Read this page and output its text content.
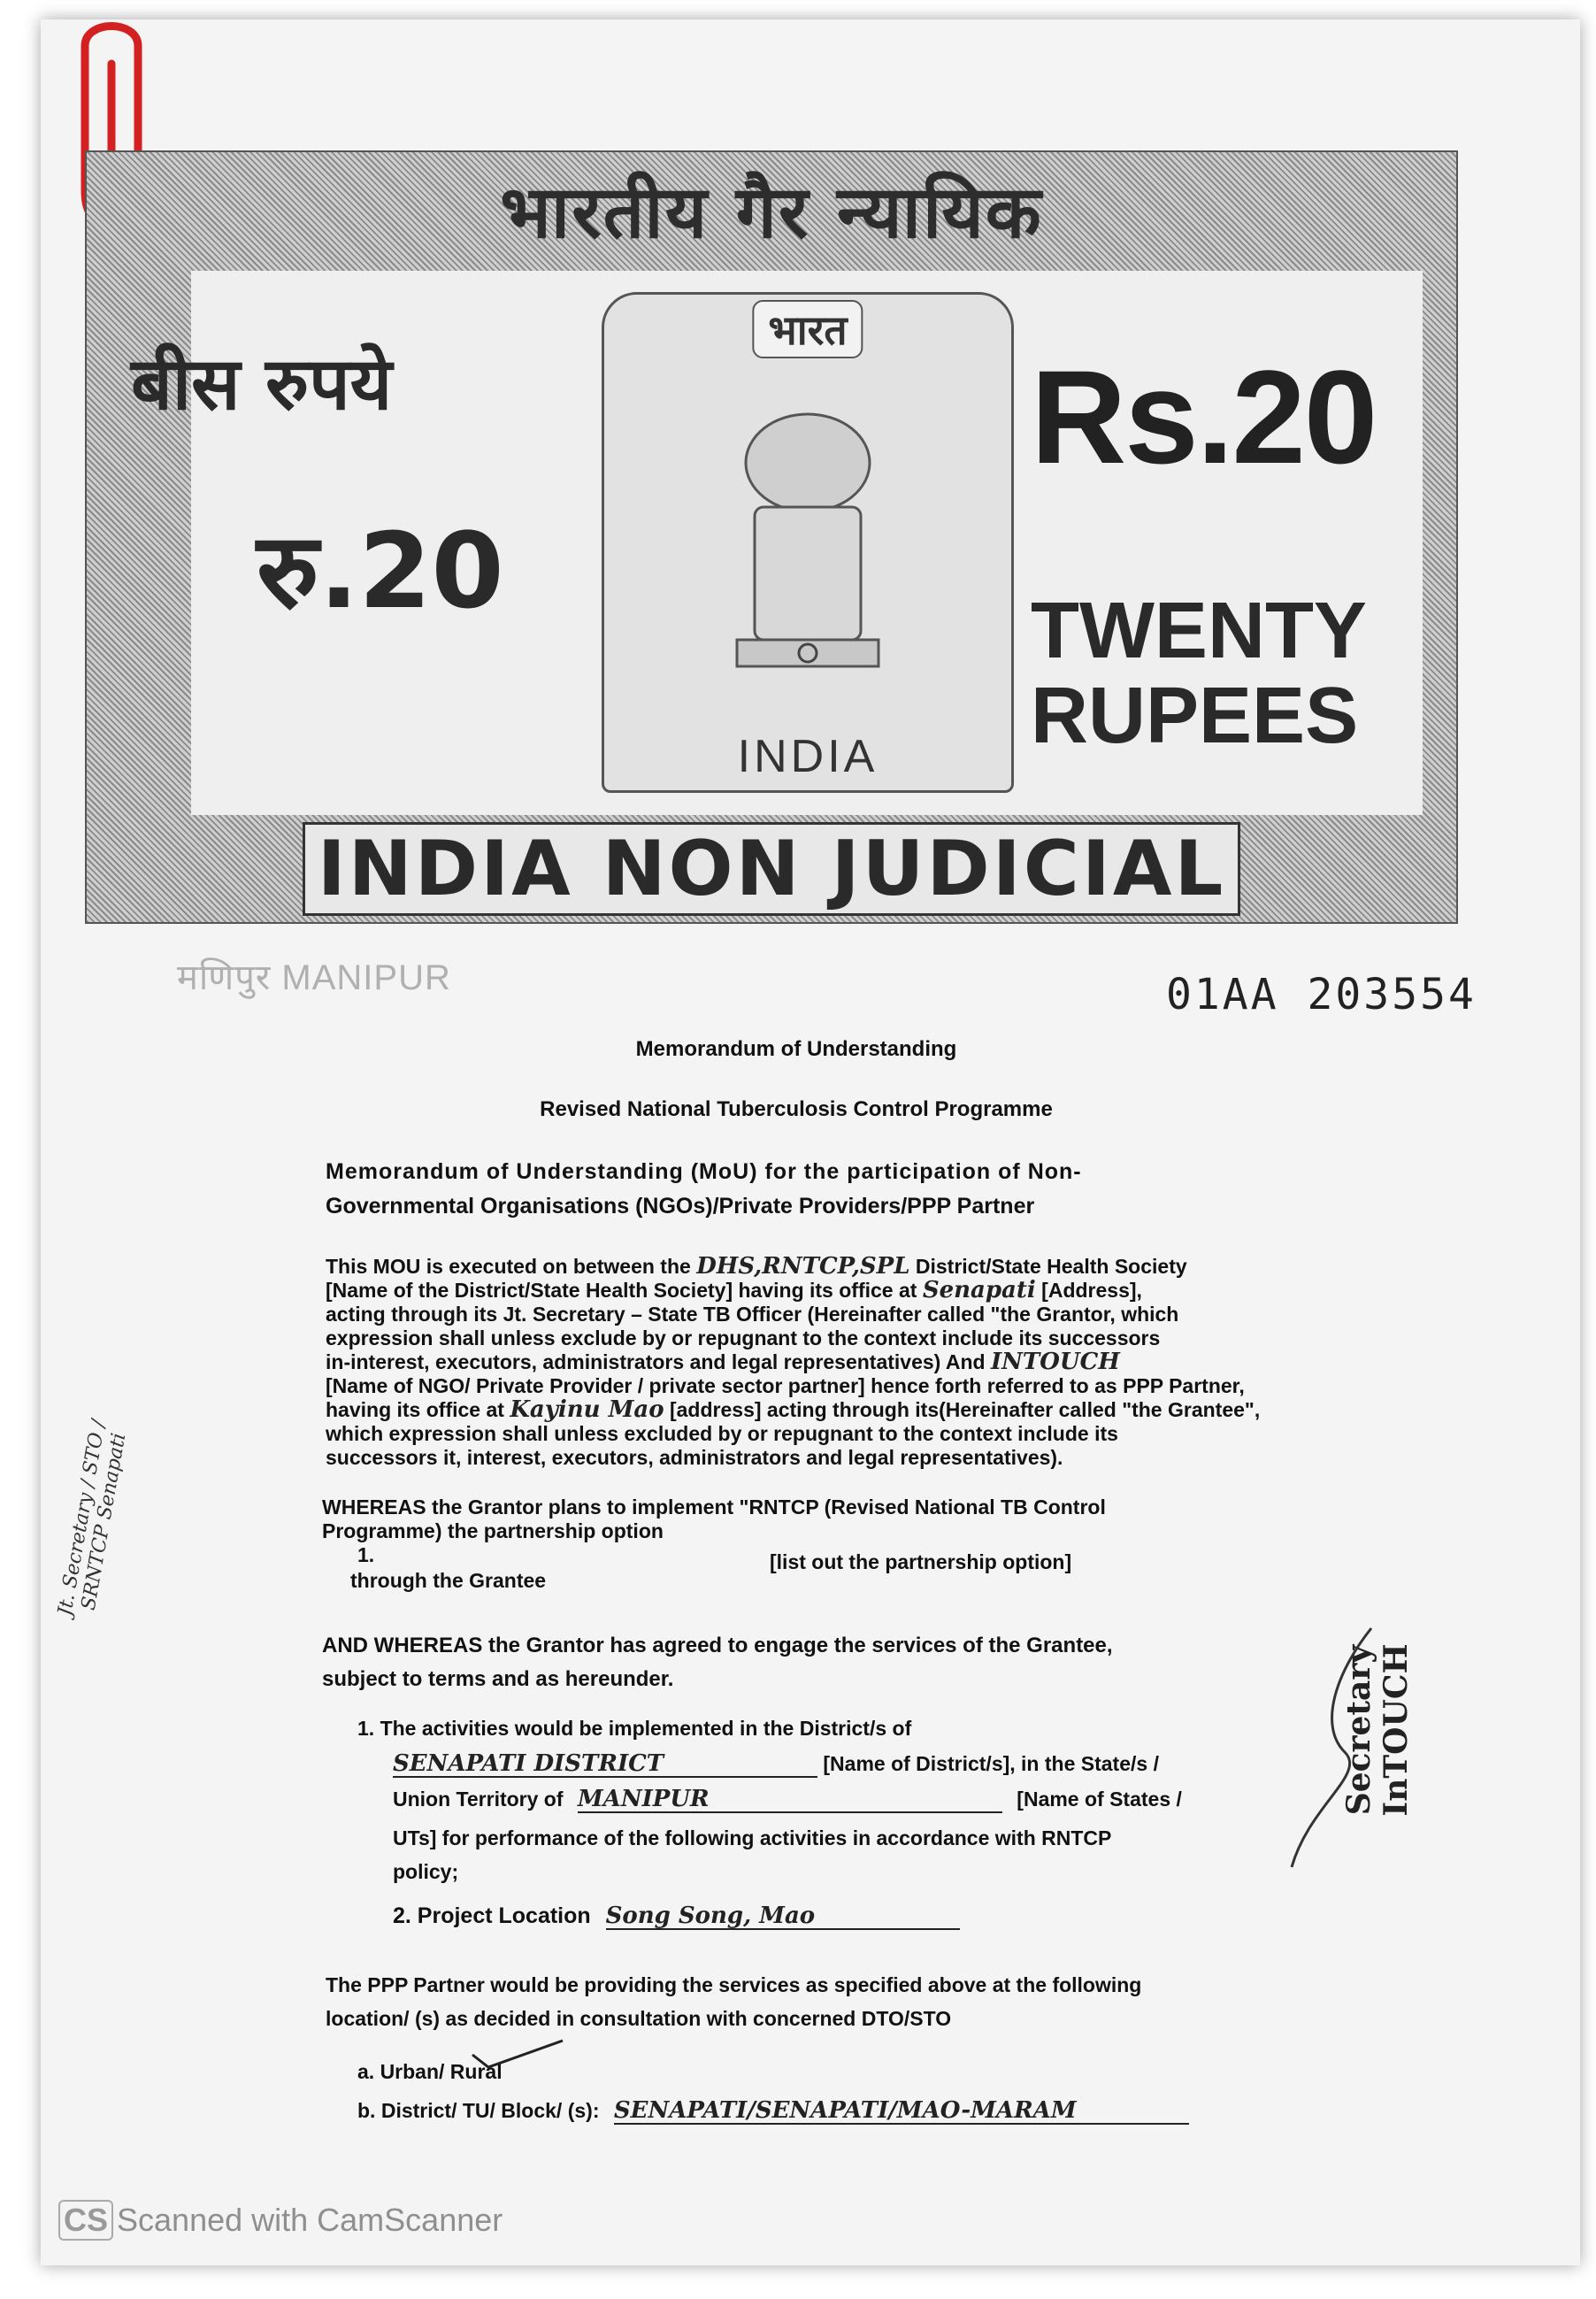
भारतीय गैर न्यायिक
INDIA NON JUDICIAL
बीस रुपये
रु.20
Rs.20
TWENTY
RUPEES
भारत
INDIA
मणिपुर MANIPUR	01AA 203554
Memorandum of Understanding
Revised National Tuberculosis Control Programme
Memorandum of Understanding (MoU) for the participation of Non-
Governmental Organisations (NGOs)/Private Providers/PPP Partner
This MOU is executed on between the DHS,RNTCP,SPL District/State Health Society
[Name of the District/State Health Society] having its office at Senapati [Address],
acting through its Jt. Secretary – State TB Officer (Hereinafter called "the Grantor, which
expression shall unless exclude by or repugnant to the context include its successors
in-interest, executors, administrators and legal representatives) And INTOUCH
[Name of NGO/ Private Provider / private sector partner] hence forth referred to as PPP Partner,
having its office at Kayinu Mao [address] acting through its(Hereinafter called "the Grantee",
which expression shall unless excluded by or repugnant to the context include its
successors it, interest, executors, administrators and legal representatives).
WHEREAS the Grantor plans to implement "RNTCP (Revised National TB Control
Programme) the partnership option
1.	[list out the partnership option]
through the Grantee
AND WHEREAS the Grantor has agreed to engage the services of the Grantee,
subject to terms and as hereunder.
1. The activities would be implemented in the District/s of
SENAPATI DISTRICT	[Name of District/s], in the State/s /
Union Territory of MANIPUR	[Name of States /
UTs] for performance of the following activities in accordance with RNTCP
policy;
2. Project Location Song Song, Mao
The PPP Partner would be providing the services as specified above at the following
location/ (s) as decided in consultation with concerned DTO/STO
a. Urban/ Rural
b. District/ TU/ Block/ (s): SENAPATI/SENAPATI/MAO-MARAM
Jt. Secretary / STO / SRNTCP Senapati
Secretary InTOUCH
CS Scanned with CamScanner
